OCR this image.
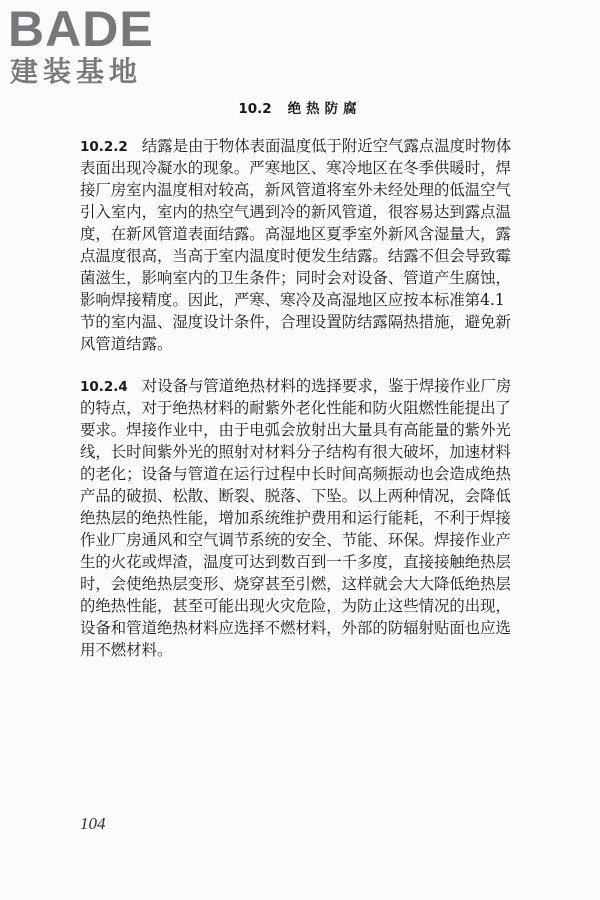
BADE
建装基地
10.2 绝热防腐
10.2.2 结露是由于物体表面温度低于附近空气露点温度时物体
表面出现冷凝水的现象。严寒地区、寒冷地区在冬季供暖时，焊
接厂房室内温度相对较高，新风管道将室外未经处理的低温空气
引入室内，室内的热空气遇到冷的新风管道，很容易达到露点温
度，在新风管道表面结露。高湿地区夏季室外新风含湿量大，露
点温度很高，当高于室内温度时便发生结露。结露不但会导致霉
菌滋生，影响室内的卫生条件；同时会对设备、管道产生腐蚀，
影响焊接精度。因此，严寒、寒冷及高湿地区应按本标准第4.1
节的室内温、湿度设计条件，合理设置防结露隔热措施，避免新
风管道结露。
10.2.4 对设备与管道绝热材料的选择要求，鉴于焊接作业厂房
的特点，对于绝热材料的耐紫外老化性能和防火阻燃性能提出了
要求。焊接作业中，由于电弧会放射出大量具有高能量的紫外光
线，长时间紫外光的照射对材料分子结构有很大破坏，加速材料
的老化；设备与管道在运行过程中长时间高频振动也会造成绝热
产品的破损、松散、断裂、脱落、下坠。以上两种情况，会降低
绝热层的绝热性能，增加系统维护费用和运行能耗，不利于焊接
作业厂房通风和空气调节系统的安全、节能、环保。焊接作业产
生的火花或焊渣，温度可达到数百到一千多度，直接接触绝热层
时，会使绝热层变形、烧穿甚至引燃，这样就会大大降低绝热层
的绝热性能，甚至可能出现火灾危险，为防止这些情况的出现，
设备和管道绝热材料应选择不燃材料，外部的防辐射贴面也应选
用不燃材料。
104
